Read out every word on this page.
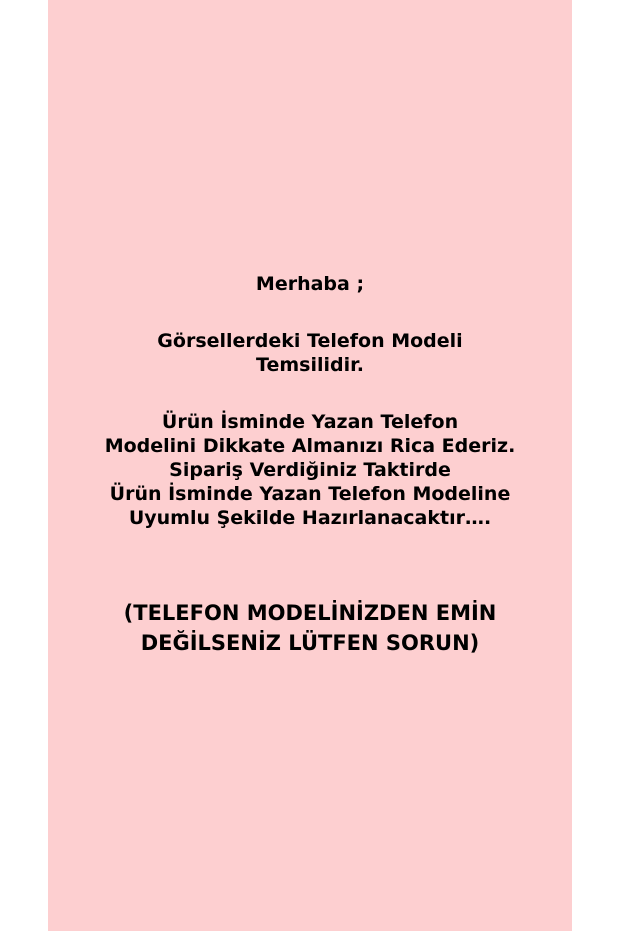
Merhaba ;
Görsellerdeki Telefon Modeli
Temsilidir.
Ürün İsminde Yazan Telefon
Modelini Dikkate Almanızı Rica Ederiz.
Sipariş Verdiğiniz Taktirde
Ürün İsminde Yazan Telefon Modeline
Uyumlu Şekilde Hazırlanacaktır….
(TELEFON MODELİNİZDEN EMİN
DEĞİLSENİZ LÜTFEN SORUN)
